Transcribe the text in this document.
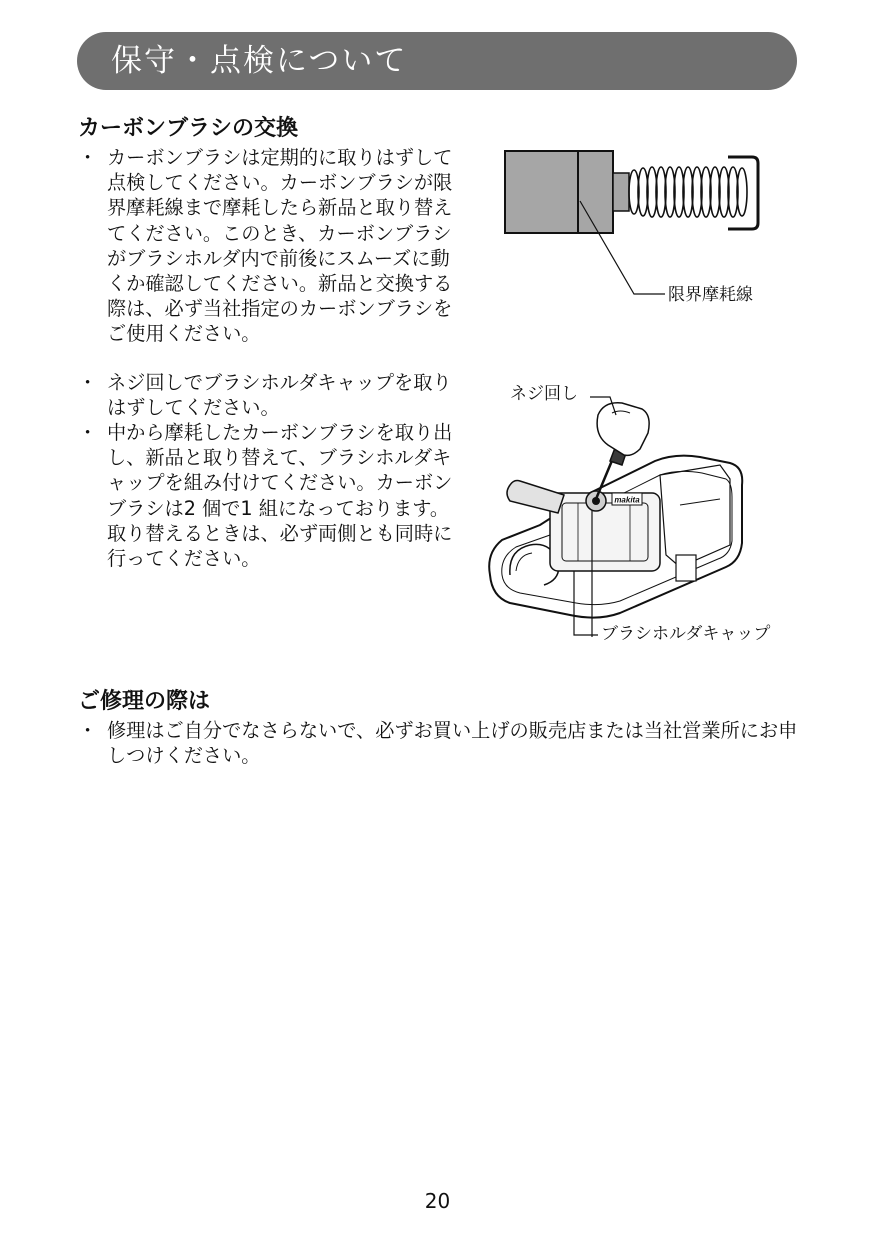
保守・点検について
カーボンブラシの交換
・ カーボンブラシは定期的に取りはずして点検してください。カーボンブラシが限界摩耗線まで摩耗したら新品と取り替えてください。このとき、カーボンブラシがブラシホルダ内で前後にスムーズに動くか確認してください。新品と交換する際は、必ず当社指定のカーボンブラシをご使用ください。
・ ネジ回しでブラシホルダキャップを取りはずしてください。
・ 中から摩耗したカーボンブラシを取り出し、新品と取り替えて、ブラシホルダキャップを組み付けてください。カーボンブラシは2 個で1 組になっております。取り替えるときは、必ず両側とも同時に行ってください。
限界摩耗線
makita
ネジ回し
ブラシホルダキャップ
ご修理の際は
・ 修理はご自分でなさらないで、必ずお買い上げの販売店または当社営業所にお申しつけください。
20
